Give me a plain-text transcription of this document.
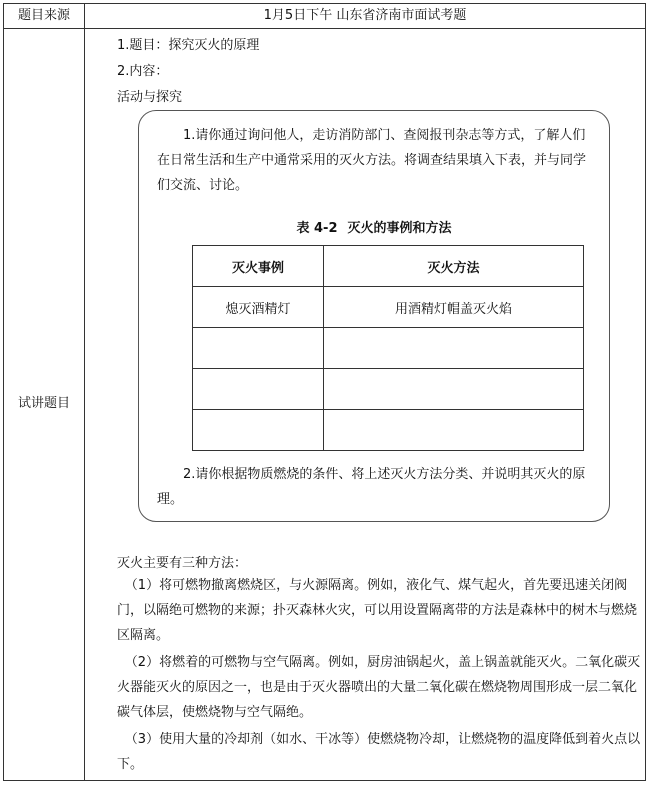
题目来源	1月5日下午 山东省济南市面试考题
试讲题目
1.题目：探究灭火的原理
2.内容：
活动与探究
1.请你通过询问他人，走访消防部门、查阅报刊杂志等方式，了解人们在日常生活和生产中通常采用的灭火方法。将调查结果填入下表，并与同学们交流、讨论。
表 4-2 灭火的事例和方法
灭火事例	灭火方法
熄灭酒精灯	用酒精灯帽盖灭火焰

2.请你根据物质燃烧的条件、将上述灭火方法分类、并说明其灭火的原理。
灭火主要有三种方法：
（1）将可燃物撤离燃烧区，与火源隔离。例如，液化气、煤气起火，首先要迅速关闭阀门，以隔绝可燃物的来源；扑灭森林火灾，可以用设置隔离带的方法是森林中的树木与燃烧区隔离。
（2）将燃着的可燃物与空气隔离。例如，厨房油锅起火，盖上锅盖就能灭火。二氧化碳灭火器能灭火的原因之一，也是由于灭火器喷出的大量二氧化碳在燃烧物周围形成一层二氧化碳气体层，使燃烧物与空气隔绝。
（3）使用大量的冷却剂（如水、干冰等）使燃烧物冷却，让燃烧物的温度降低到着火点以下。
